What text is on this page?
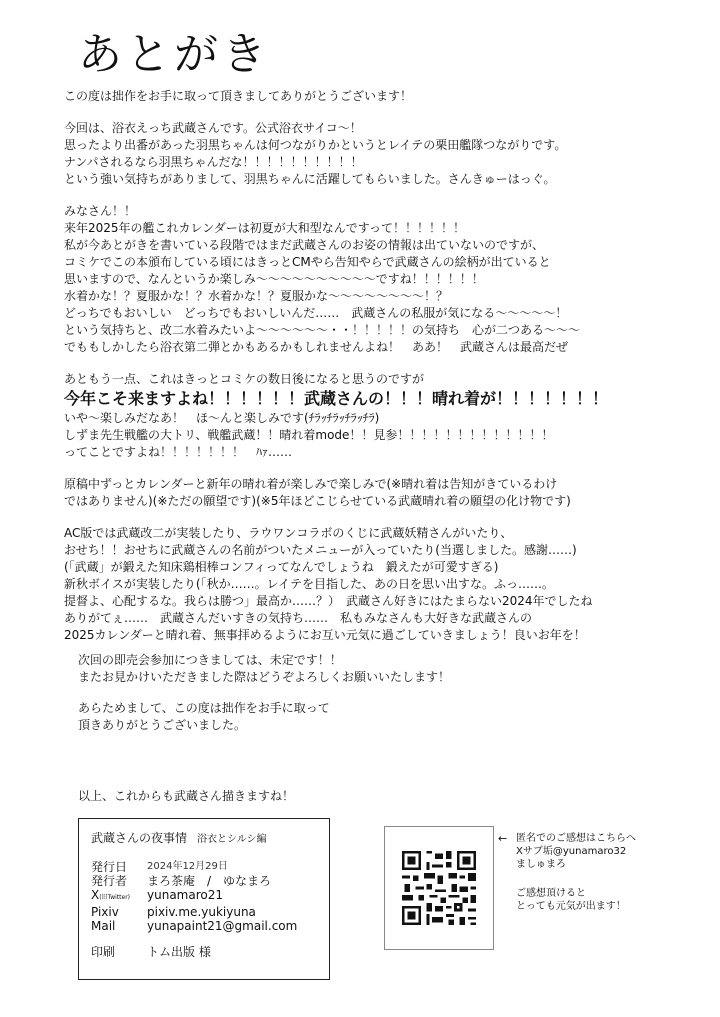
あとがき
この度は拙作をお手に取って頂きましてありがとうございます！
今回は、浴衣えっち武蔵さんです。公式浴衣サイコ～！
思ったより出番があった羽黒ちゃんは何つながりかというとレイテの栗田艦隊つながりです。
ナンパされるなら羽黒ちゃんだな！！！！！！！！！！
という強い気持ちがありまして、羽黒ちゃんに活躍してもらいました。さんきゅーはっぐ。
みなさん！！
来年2025年の艦これカレンダーは初夏が大和型なんですって！！！！！！
私が今あとがきを書いている段階ではまだ武蔵さんのお姿の情報は出ていないのですが、
コミケでこの本頒布している頃にはきっとCMやら告知やらで武蔵さんの絵柄が出ていると
思いますので、なんというか楽しみ～～～～～～～～～～ですね！！！！！！
水着かな！？夏服かな！？水着かな！？夏服かな～～～～～～～～！？
どっちでもおいしい　どっちでもおいしいんだ……　武蔵さんの私服が気になる～～～～～！
という気持ちと、改二水着みたいよ～～～～～～・・！！！！！の気持ち　心が二つある～～～
でももしかしたら浴衣第二弾とかもあるかもしれませんよね！　ああ！　武蔵さんは最高だぜ
あともう一点、これはきっとコミケの数日後になると思うのですが
今年こそ来ますよね！！！！！！武蔵さんの！！！晴れ着が！！！！！！！
いや～楽しみだなあ！　ほ～んと楽しみです(ﾁﾗｯﾁﾗｯﾁﾗｯﾁﾗ)
しずま先生戦艦の大トリ、戦艦武蔵！！晴れ着mode！！見参！！！！！！！！！！！！！
ってことですよね！！！！！！！　ﾊｧ……
原稿中ずっとカレンダーと新年の晴れ着が楽しみで楽しみで(※晴れ着は告知がきているわけ
ではありません)(※ただの願望です)(※5年ほどこじらせている武蔵晴れ着の願望の化け物です)
AC版では武蔵改二が実装したり、ラウワンコラボのくじに武蔵妖精さんがいたり、
おせち！！おせちに武蔵さんの名前がついたメニューが入っていたり(当選しました。感謝……)
(「武蔵」が鍛えた知床鶏相棒コンフィってなんでしょうね　鍛えたが可愛すぎる)
新秋ボイスが実装したり(「秋か……。レイテを目指した、あの日を思い出すな。ふっ……。
提督よ、心配するな。我らは勝つ」最高か……？）　武蔵さん好きにはたまらない2024年でしたね
ありがてぇ……　武蔵さんだいすきの気持ち……　私もみなさんも大好きな武蔵さんの
2025カレンダーと晴れ着、無事拝めるようにお互い元気に過ごしていきましょう！良いお年を！
次回の即売会参加につきましては、未定です！！
またお見かけいただきました際はどうぞよろしくお願いいたします！
あらためまして、この度は拙作をお手に取って
頂きありがとうございました。
以上、これからも武蔵さん描きますね！
武蔵さんの夜事情 浴衣とシルシ編
発行日	2024年12月29日
発行者	まろ茶庵　/　ゆなまろ
X(旧Twitter)	yunamaro21
Pixiv	pixiv.me.yukiyuna
Mail	yunapaint21@gmail.com
印刷	トム出版 様
← 匿名でのご感想はこちらへ
Xサブ垢@yunamaro32
ましゅまろ
ご感想頂けると
とっても元気が出ます！
